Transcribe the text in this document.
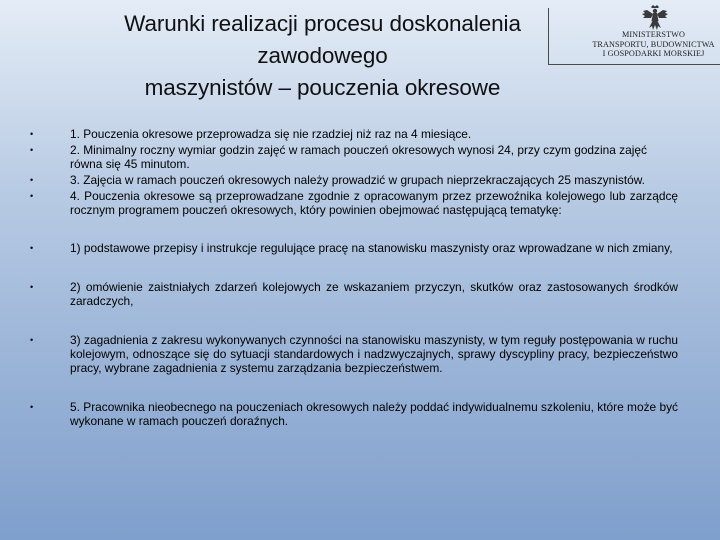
Warunki realizacji procesu doskonalenia zawodowego
maszynistów – pouczenia okresowe
MINISTERSTWO
TRANSPORTU, BUDOWNICTWA
I GOSPODARKI MORSKIEJ
•	1. Pouczenia okresowe przeprowadza się nie rzadziej niż raz na 4 miesiące.
•	2. Minimalny roczny wymiar godzin zajęć w ramach pouczeń okresowych wynosi 24, przy czym godzina zajęć równa się 45 minutom.
•	3. Zajęcia w ramach pouczeń okresowych należy prowadzić w grupach nieprzekraczających 25 maszynistów.
•	4. Pouczenia okresowe są przeprowadzane zgodnie z opracowanym przez przewoźnika kolejowego lub zarządcę rocznym programem pouczeń okresowych, który powinien obejmować następującą tematykę:
•	1) podstawowe przepisy i instrukcje regulujące pracę na stanowisku maszynisty oraz wprowadzane w nich zmiany,
•	2) omówienie zaistniałych zdarzeń kolejowych ze wskazaniem przyczyn, skutków oraz zastosowanych środków zaradczych,
•	3) zagadnienia z zakresu wykonywanych czynności na stanowisku maszynisty, w tym reguły postępowania w ruchu kolejowym, odnoszące się do sytuacji standardowych i nadzwyczajnych, sprawy dyscypliny pracy, bezpieczeństwo pracy, wybrane zagadnienia z systemu zarządzania bezpieczeństwem.
•	5. Pracownika nieobecnego na pouczeniach okresowych należy poddać indywidualnemu szkoleniu, które może być wykonane w ramach pouczeń doraźnych.
